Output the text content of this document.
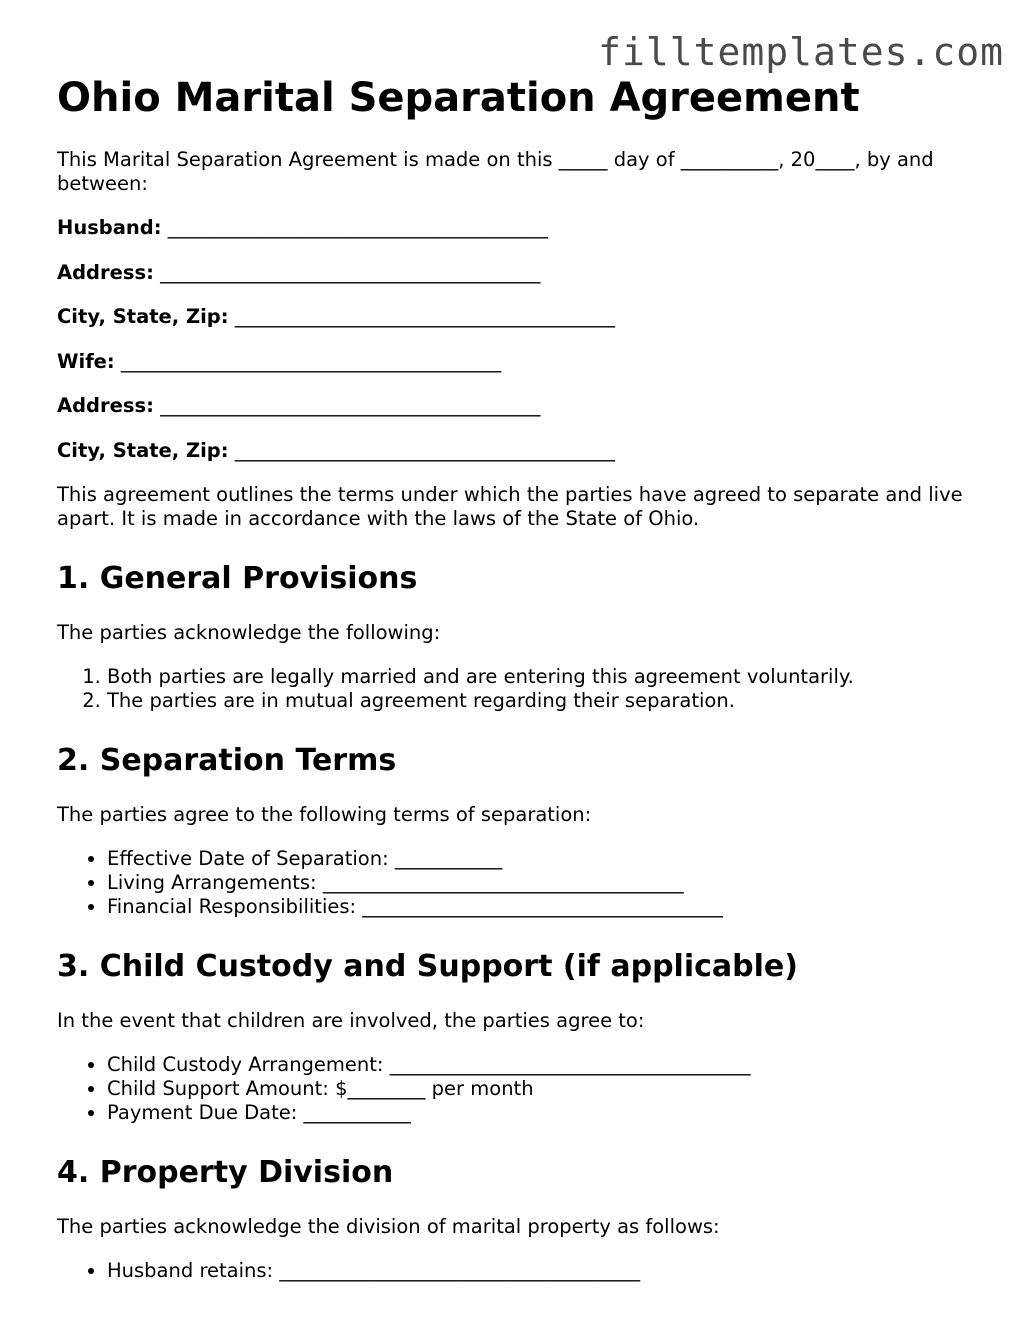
filltemplates.com
Ohio Marital Separation Agreement

This Marital Separation Agreement is made on this _____ day of __________, 20____, by and between:

Husband: _______________________________________

Address: _______________________________________

City, State, Zip: _______________________________________

Wife: _______________________________________

Address: _______________________________________

City, State, Zip: _______________________________________

This agreement outlines the terms under which the parties have agreed to separate and live apart. It is made in accordance with the laws of the State of Ohio.

1. General Provisions

The parties acknowledge the following:

1. Both parties are legally married and are entering this agreement voluntarily.
2. The parties are in mutual agreement regarding their separation.
2. Separation Terms

The parties agree to the following terms of separation:

• Effective Date of Separation: ___________
• Living Arrangements: _____________________________________
• Financial Responsibilities: _____________________________________
3. Child Custody and Support (if applicable)

In the event that children are involved, the parties agree to:

• Child Custody Arrangement: _____________________________________
• Child Support Amount: $________ per month
• Payment Due Date: ___________
4. Property Division

The parties acknowledge the division of marital property as follows:

• Husband retains: _____________________________________
